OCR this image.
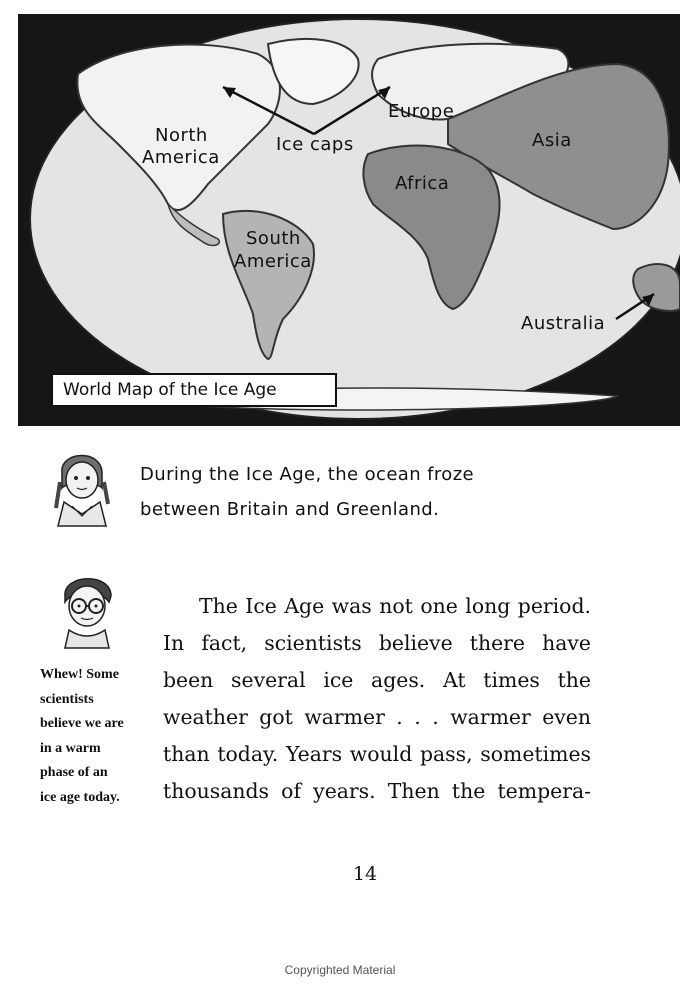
North
America
Ice caps
Europe
Asia
Africa
South
America
Australia
World Map of the Ice Age
During the Ice Age, the ocean froze
between Britain and Greenland.
Whew! Some
scientists
believe we are
in a warm
phase of an
ice age today.
The Ice Age was not one long period.
In fact, scientists believe there have
been several ice ages. At times the
weather got warmer . . . warmer even
than today. Years would pass, sometimes
thousands of years. Then the tempera-
14
Copyrighted Material
